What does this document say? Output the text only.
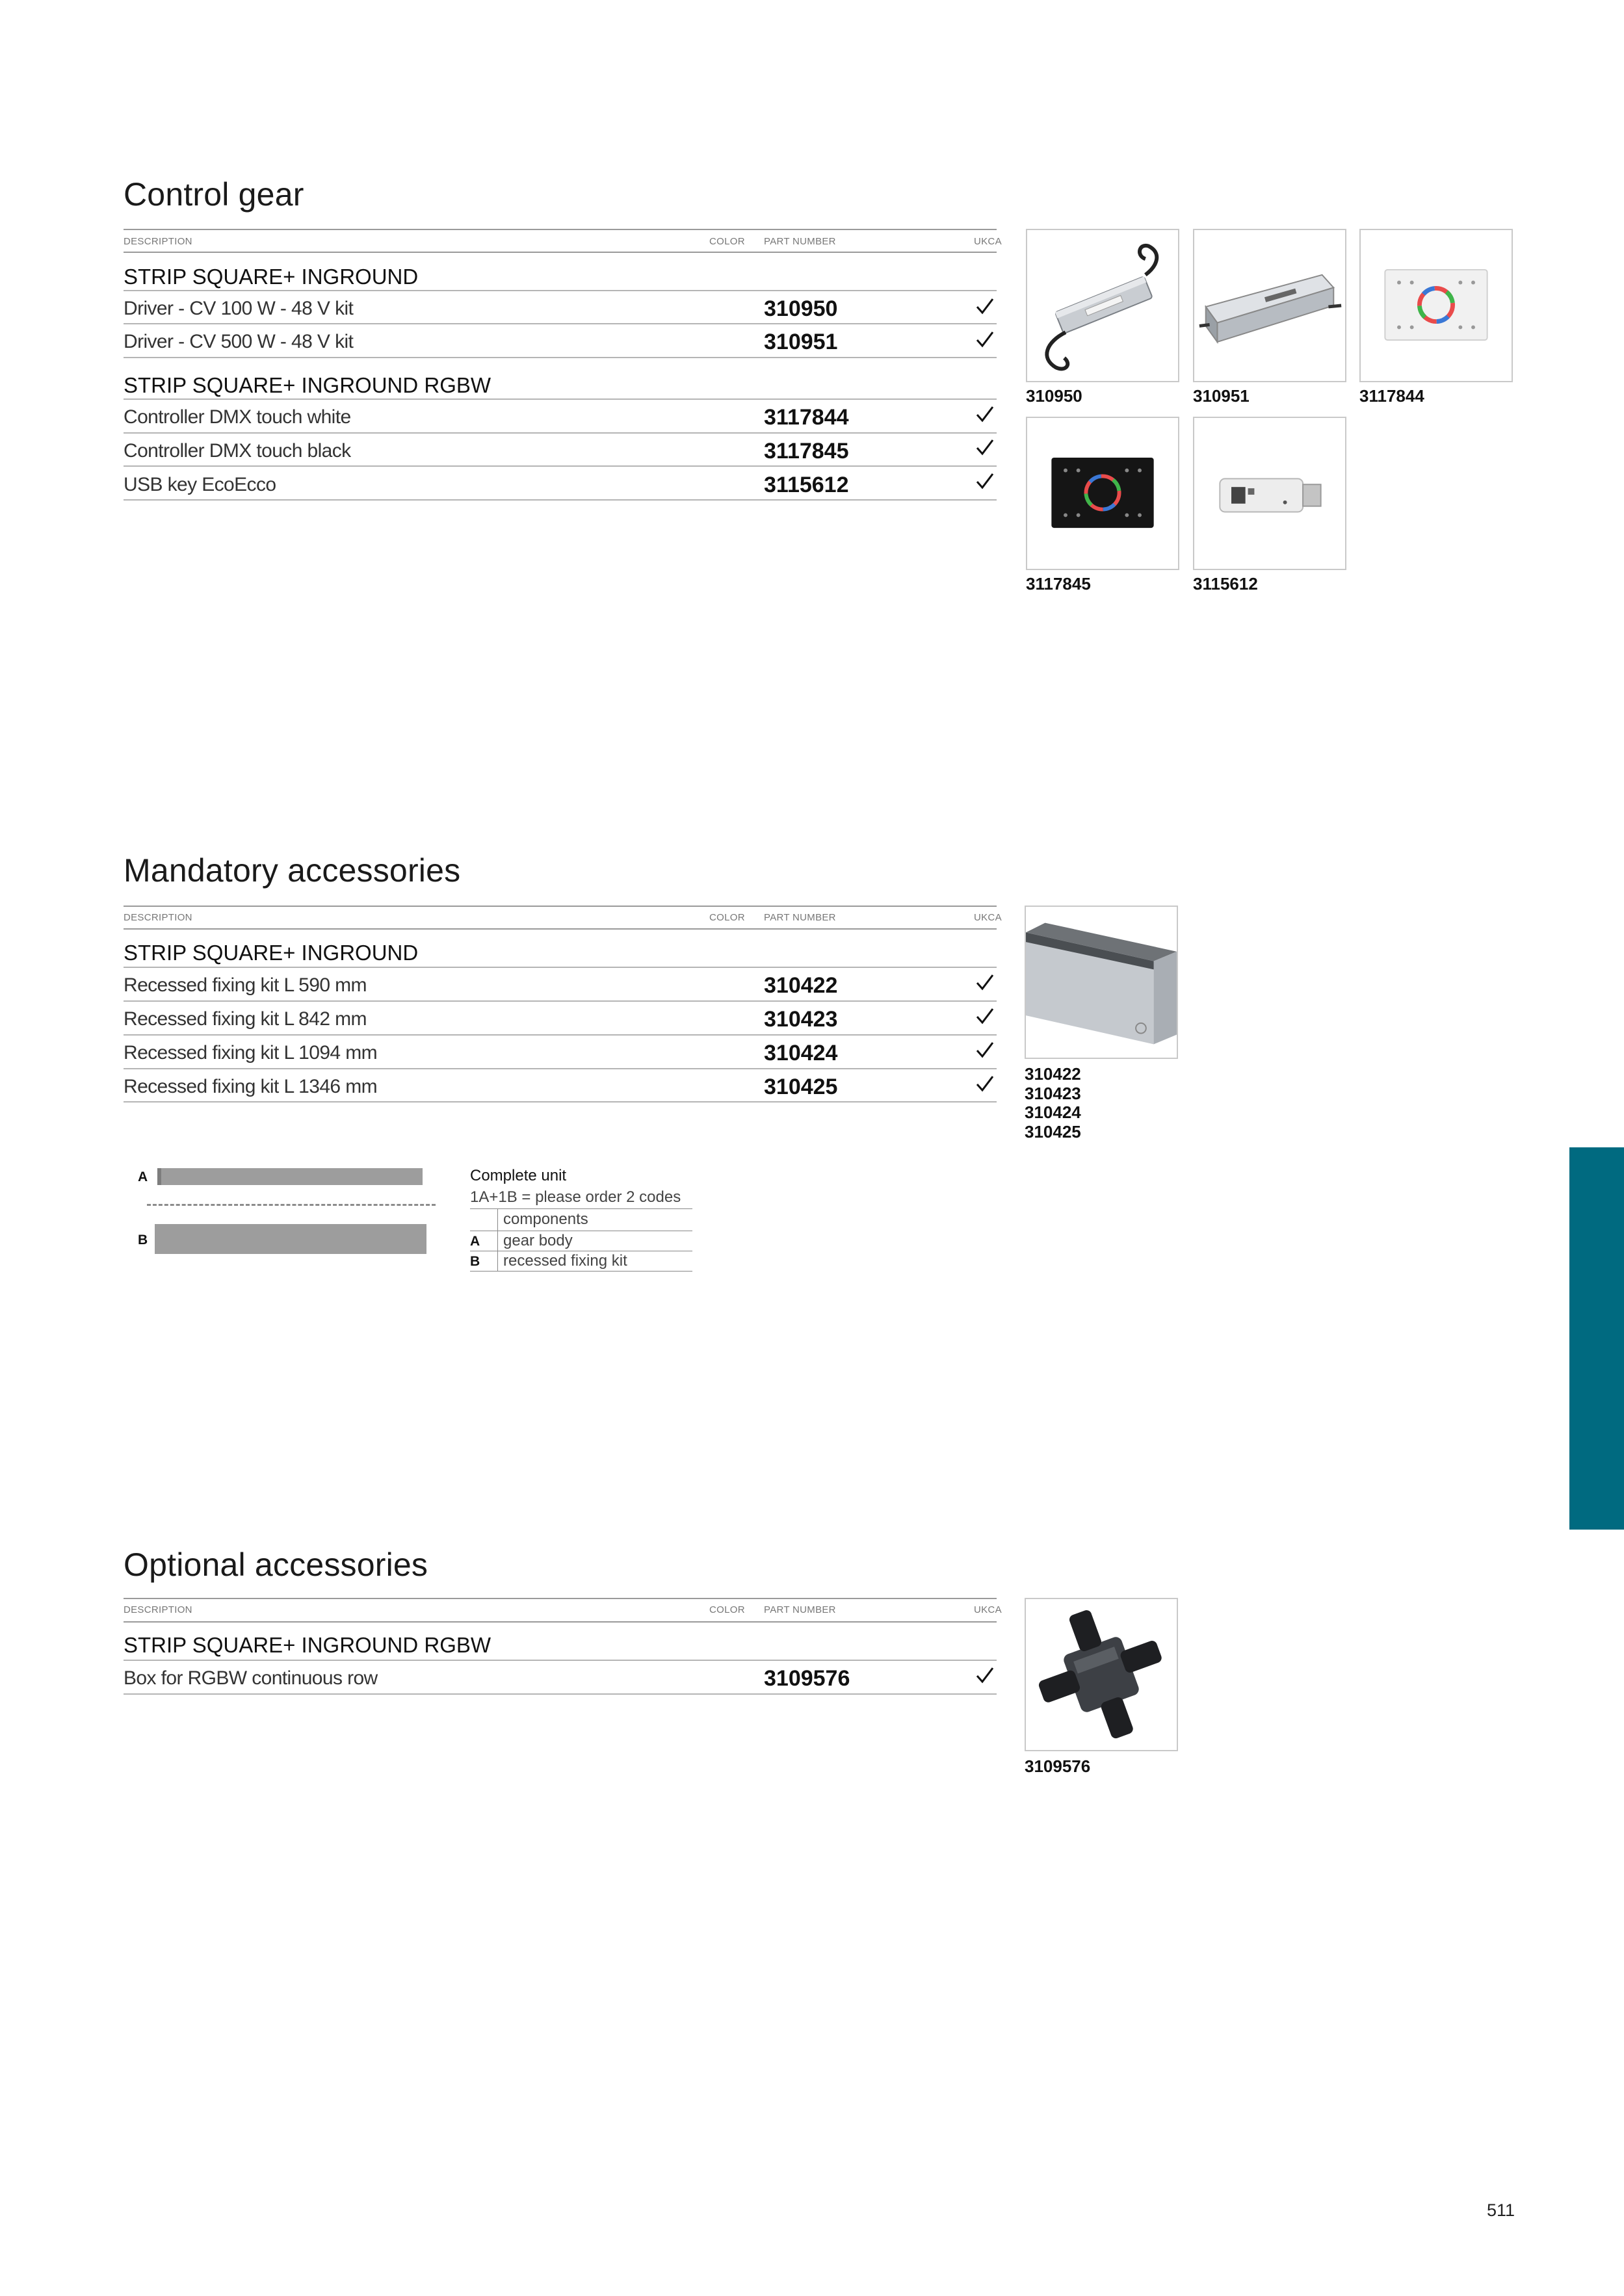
Control gear
DESCRIPTION	COLOR PART NUMBER	UKCA
STRIP SQUARE+ INGROUND
Driver - CV 100 W - 48 V kit	310950
Driver - CV 500 W - 48 V kit	310951
STRIP SQUARE+ INGROUND RGBW
Controller DMX touch white	3117844
Controller DMX touch black	3117845
USB key EcoEcco	3115612
310950	310951	3117844
3117845	3115612
Mandatory accessories
DESCRIPTION	COLOR PART NUMBER	UKCA
STRIP SQUARE+ INGROUND
Recessed fixing kit L 590 mm	310422
Recessed fixing kit L 842 mm	310423
Recessed fixing kit L 1094 mm	310424
Recessed fixing kit L 1346 mm	310425
310422
310423
310424
310425
A
B
Complete unit
1A+1B = please order 2 codes
components
A gear body
B recessed fixing kit
Optional accessories
DESCRIPTION	COLOR PART NUMBER	UKCA
STRIP SQUARE+ INGROUND RGBW
Box for RGBW continuous row	3109576
3109576
511
